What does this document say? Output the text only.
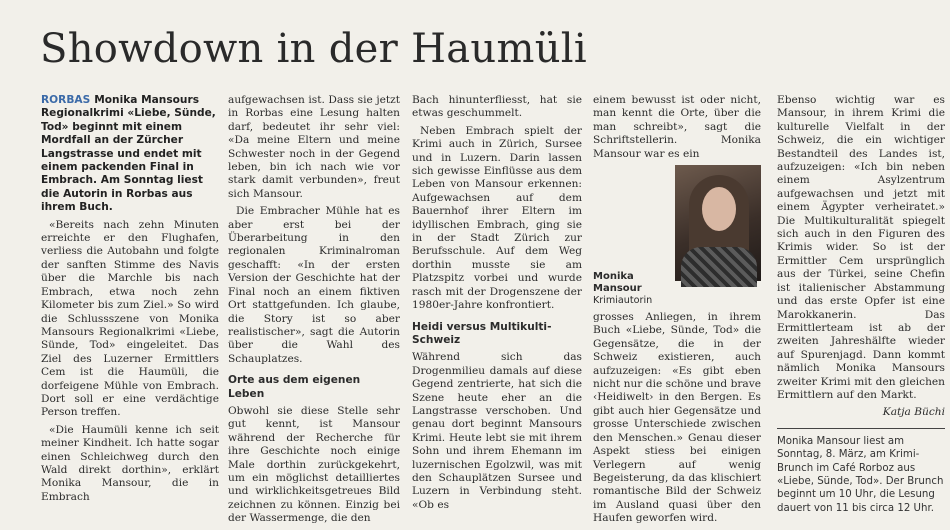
Showdown in der Haumüli

RORBAS Monika Mansours Regionalkrimi «Liebe, Sünde, Tod» beginnt mit einem Mordfall an der Zürcher Langstrasse und endet mit einem packenden Final in Embrach. Am Sonntag liest die Autorin in Rorbas aus ihrem Buch.

«Bereits nach zehn Minuten erreichte er den Flughafen, verliess die Autobahn und folgte der sanften Stimme des Navis über die Marchle bis nach Embrach, etwa noch zehn Kilometer bis zum Ziel.» So wird die Schlussszene von Monika Mansours Regionalkrimi «Liebe, Sünde, Tod» eingeleitet. Das Ziel des Luzerner Ermittlers Cem ist die Haumüli, die dorfeigene Mühle von Embrach. Dort soll er eine verdächtige Person treffen.

«Die Haumüli kenne ich seit meiner Kindheit. Ich hatte sogar einen Schleichweg durch den Wald direkt dorthin», erklärt Monika Mansour, die in Embrach

aufgewachsen ist. Dass sie jetzt in Rorbas eine Lesung halten darf, bedeutet ihr sehr viel: «Da meine Eltern und meine Schwester noch in der Gegend leben, bin ich nach wie vor stark damit verbunden», freut sich Mansour.

Die Embracher Mühle hat es aber erst bei der Überarbeitung in den regionalen Kriminalroman geschafft: «In der ersten Version der Geschichte hat der Final noch an einem fiktiven Ort stattgefunden. Ich glaube, die Story ist so aber realistischer», sagt die Autorin über die Wahl des Schauplatzes.

Orte aus dem eigenen Leben

Obwohl sie diese Stelle sehr gut kennt, ist Mansour während der Recherche für ihre Geschichte noch einige Male dorthin zurückgekehrt, um ein möglichst detailliertes und wirklichkeitsgetreues Bild zeichnen zu können. Einzig bei der Wassermenge, die den

Bach hinunterfliesst, hat sie etwas geschummelt.

Neben Embrach spielt der Krimi auch in Zürich, Sursee und in Luzern. Darin lassen sich gewisse Einflüsse aus dem Leben von Mansour erkennen: Aufgewachsen auf dem Bauernhof ihrer Eltern im idyllischen Embrach, ging sie in der Stadt Zürich zur Berufsschule. Auf dem Weg dorthin musste sie am Platzspitz vorbei und wurde rasch mit der Drogenszene der 1980er-Jahre konfrontiert.

Heidi versus Multikulti-Schweiz

Während sich das Drogenmilieu damals auf diese Gegend zentrierte, hat sich die Szene heute eher an die Langstrasse verschoben. Und genau dort beginnt Mansours Krimi. Heute lebt sie mit ihrem Sohn und ihrem Ehemann im luzernischen Egolzwil, was mit den Schauplätzen Sursee und Luzern in Verbindung steht. «Ob es

einem bewusst ist oder nicht, man kennt die Orte, über die man schreibt», sagt die Schriftstellerin. Monika Mansour war es ein

Monika Mansour
Krimiautorin

grosses Anliegen, in ihrem Buch «Liebe, Sünde, Tod» die Gegensätze, die in der Schweiz existieren, auch aufzuzeigen: «Es gibt eben nicht nur die schöne und brave ‹Heidiwelt› in den Bergen. Es gibt auch hier Gegensätze und grosse Unterschiede zwischen den Menschen.» Genau dieser Aspekt stiess bei einigen Verlegern auf wenig Begeisterung, da das klischiert romantische Bild der Schweiz im Ausland quasi über den Haufen geworfen wird.

Ebenso wichtig war es Mansour, in ihrem Krimi die kulturelle Vielfalt in der Schweiz, die ein wichtiger Bestandteil des Landes ist, aufzuzeigen: «Ich bin neben einem Asylzentrum aufgewachsen und jetzt mit einem Ägypter verheiratet.» Die Multikulturalität spiegelt sich auch in den Figuren des Krimis wider. So ist der Ermittler Cem ursprünglich aus der Türkei, seine Chefin ist italienischer Abstammung und das erste Opfer ist eine Marokkanerin. Das Ermittlerteam ist ab der zweiten Jahreshälfte wieder auf Spurenjagd. Dann kommt nämlich Monika Mansours zweiter Krimi mit den gleichen Ermittlern auf den Markt.

Katja Büchi
Monika Mansour liest am Sonntag, 8. März, am Krimi-Brunch im Café Rorboz aus «Liebe, Sünde, Tod». Der Brunch beginnt um 10 Uhr, die Lesung dauert von 11 bis circa 12 Uhr.
